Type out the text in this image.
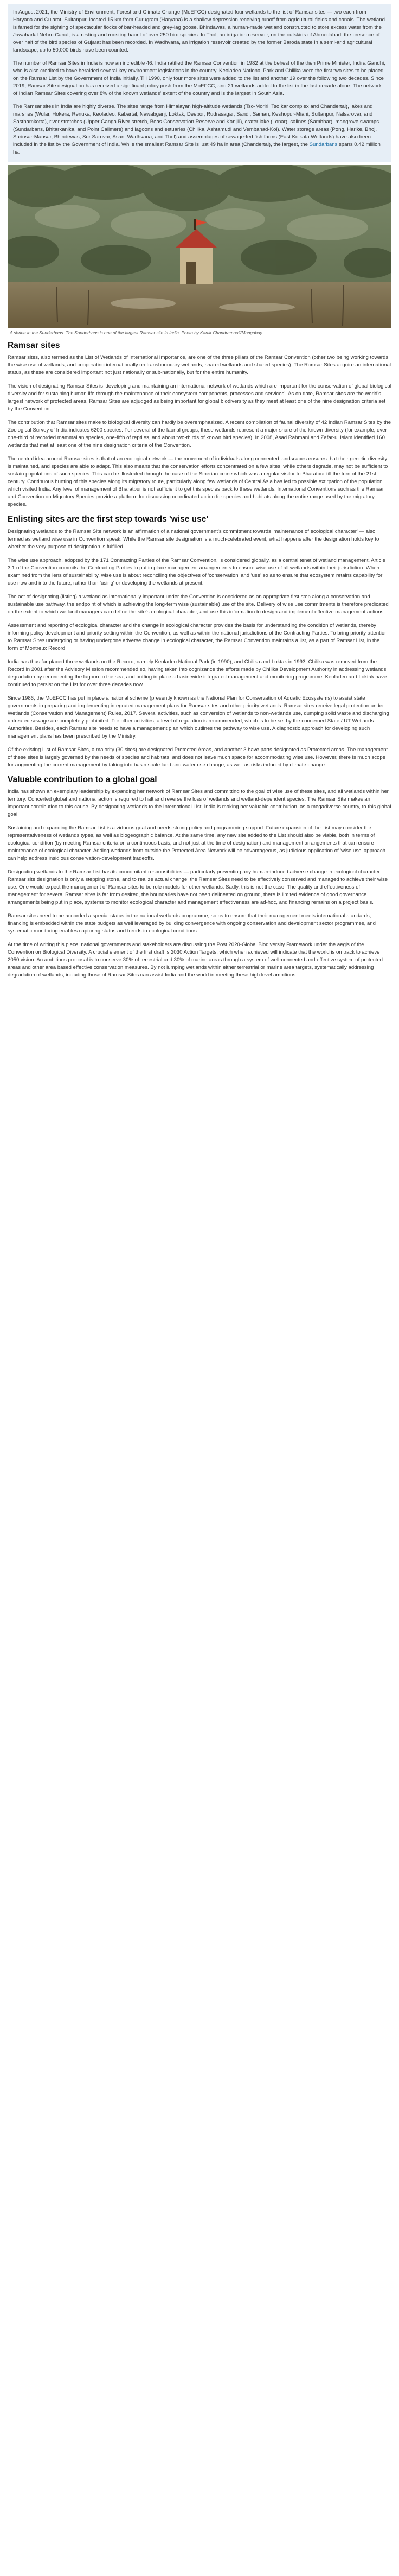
In August 2021, the Ministry of Environment, Forest and Climate Change (MoEFCC) designated four wetlands to the list of Ramsar sites — two each from Haryana and Gujarat. Sultanpur, located 15 km from Gurugram (Haryana) is a shallow depression receiving runoff from agricultural fields and canals. The wetland is famed for the sighting of spectacular flocks of bar-headed and grey-lag goose. Bhindawas, a human-made wetland constructed to store excess water from the Jawaharlal Nehru Canal, is a resting and roosting haunt of over 250 bird species. In Thol, an irrigation reservoir, on the outskirts of Ahmedabad, the presence of over half of the bird species of Gujarat has been recorded. In Wadhvana, an irrigation reservoir created by the former Baroda state in a semi-arid agricultural landscape, up to 50,000 birds have been counted.

The number of Ramsar Sites in India is now an incredible 46. India ratified the Ramsar Convention in 1982 at the behest of the then Prime Minister, Indira Gandhi, who is also credited to have heralded several key environment legislations in the country. Keoladeo National Park and Chilika were the first two sites to be placed on the Ramsar List by the Government of India initially. Till 1990, only four more sites were added to the list and another 19 over the following two decades. Since 2019, Ramsar Site designation has received a significant policy push from the MoEFCC, and 21 wetlands added to the list in the last decade alone. The network of Indian Ramsar Sites covering over 8% of the known wetlands' extent of the country and is the largest in South Asia.

The Ramsar sites in India are highly diverse. The sites range from Himalayan high-altitude wetlands (Tso-Moriri, Tso kar complex and Chandertal), lakes and marshes (Wular, Hokera, Renuka, Keoladeo, Kabartal, Nawabganj, Loktak, Deepor, Rudrasagar, Sandi, Saman, Keshopur-Miani, Sultanpur, Nalsarovar, and Sasthamkotta), river stretches (Upper Ganga River stretch, Beas Conservation Reserve and Kanjili), crater lake (Lonar), salines (Sambhar), mangrove swamps (Sundarbans, Bhitarkanika, and Point Calimere) and lagoons and estuaries (Chilika, Ashtamudi and Vembanad-Kol). Water storage areas (Pong, Harike, Bhoj, Surinsar-Mansar, Bhindewas, Sur Sarovar, Asan, Wadhvana, and Thol) and assemblages of sewage-fed fish farms (East Kolkata Wetlands) have also been included in the list by the Government of India. While the smallest Ramsar Site is just 49 ha in area (Chandertal), the largest, the Sundarbans spans 0.42 million ha.

A shrine in the Sunderbans. The Sunderbans is one of the largest Ramsar site in India. Photo by Kartik Chandramouli/Mongabay.
Ramsar sites

Ramsar sites, also termed as the List of Wetlands of International Importance, are one of the three pillars of the Ramsar Convention (other two being working towards the wise use of wetlands, and cooperating internationally on transboundary wetlands, shared wetlands and shared species). The Ramsar Sites acquire an international status, as these are considered important not just nationally or sub-nationally, but for the entire humanity.

The vision of designating Ramsar Sites is 'developing and maintaining an international network of wetlands which are important for the conservation of global biological diversity and for sustaining human life through the maintenance of their ecosystem components, processes and services'. As on date, Ramsar sites are the world's largest network of protected areas. Ramsar Sites are adjudged as being important for global biodiversity as they meet at least one of the nine designation criteria set by the Convention.

The contribution that Ramsar sites make to biological diversity can hardly be overemphasized. A recent compilation of faunal diversity of 42 Indian Ramsar Sites by the Zoological Survey of India indicates 6200 species. For several of the faunal groups, these wetlands represent a major share of the known diversity (for example, over one-third of recorded mammalian species, one-fifth of reptiles, and about two-thirds of known bird species). In 2008, Asad Rahmani and Zafar-ul Islam identified 160 wetlands that met at least one of the nine designation criteria of the Convention.

The central idea around Ramsar sites is that of an ecological network — the movement of individuals along connected landscapes ensures that their genetic diversity is maintained, and species are able to adapt. This also means that the conservation efforts concentrated on a few sites, while others degrade, may not be sufficient to sustain populations of such species. This can be illustrated through the case of the Siberian crane which was a regular visitor to Bharatpur till the turn of the 21st century. Continuous hunting of this species along its migratory route, particularly along few wetlands of Central Asia has led to possible extirpation of the population which visited India. Any level of management of Bharatpur is not sufficient to get this species back to these wetlands. International Conventions such as the Ramsar and Convention on Migratory Species provide a platform for discussing coordinated action for species and habitats along the entire range used by the migratory species.

Enlisting sites are the first step towards 'wise use'

Designating wetlands to the Ramsar Site network is an affirmation of a national government's commitment towards 'maintenance of ecological character' — also termed as wetland wise use in Convention speak. While the Ramsar site designation is a much-celebrated event, what happens after the designation holds key to whether the very purpose of designation is fulfilled.

The wise use approach, adopted by the 171 Contracting Parties of the Ramsar Convention, is considered globally, as a central tenet of wetland management. Article 3.1 of the Convention commits the Contracting Parties to put in place management arrangements to ensure wise use of all wetlands within their jurisdiction. When examined from the lens of sustainability, wise use is about reconciling the objectives of 'conservation' and 'use' so as to ensure that ecosystem retains capability for use now and into the future, rather than 'using' or developing the wetlands at present.

The act of designating (listing) a wetland as internationally important under the Convention is considered as an appropriate first step along a conservation and sustainable use pathway, the endpoint of which is achieving the long-term wise (sustainable) use of the site. Delivery of wise use commitments is therefore predicated on the extent to which wetland managers can define the site's ecological character, and use this information to design and implement effective management actions.

Assessment and reporting of ecological character and the change in ecological character provides the basis for understanding the condition of wetlands, thereby informing policy development and priority setting within the Convention, as well as within the national jurisdictions of the Contracting Parties. To bring priority attention to Ramsar Sites undergoing or having undergone adverse change in ecological character, the Ramsar Convention maintains a list, as a part of Ramsar List, in the form of Montreux Record.

India has thus far placed three wetlands on the Record, namely Keoladeo National Park (in 1990), and Chilika and Loktak in 1993. Chilika was removed from the Record in 2001 after the Advisory Mission recommended so, having taken into cognizance the efforts made by Chilika Development Authority in addressing wetlands degradation by reconnecting the lagoon to the sea, and putting in place a basin-wide integrated management and monitoring programme. Keoladeo and Loktak have continued to persist on the List for over three decades now.

Since 1986, the MoEFCC has put in place a national scheme (presently known as the National Plan for Conservation of Aquatic Ecosystems) to assist state governments in preparing and implementing integrated management plans for Ramsar sites and other priority wetlands. Ramsar sites receive legal protection under Wetlands (Conservation and Management) Rules, 2017. Several activities, such as conversion of wetlands to non-wetlands use, dumping solid waste and discharging untreated sewage are completely prohibited. For other activities, a level of regulation is recommended, which is to be set by the concerned State / UT Wetlands Authorities. Besides, each Ramsar site needs to have a management plan which outlines the pathway to wise use. A diagnostic approach for developing such management plans has been prescribed by the Ministry.

Of the existing List of Ramsar Sites, a majority (30 sites) are designated Protected Areas, and another 3 have parts designated as Protected areas. The management of these sites is largely governed by the needs of species and habitats, and does not leave much space for accommodating wise use. However, there is much scope for augmenting the current management by taking into basin scale land and water use change, as well as risks induced by climate change.

Valuable contribution to a global goal

India has shown an exemplary leadership by expanding her network of Ramsar Sites and committing to the goal of wise use of these sites, and all wetlands within her territory. Concerted global and national action is required to halt and reverse the loss of wetlands and wetland-dependent species. The Ramsar Site makes an important contribution to this cause. By designating wetlands to the International List, India is making her valuable contribution, as a megadiverse country, to this global goal.

Sustaining and expanding the Ramsar List is a virtuous goal and needs strong policy and programming support. Future expansion of the List may consider the representativeness of wetlands types, as well as biogeographic balance. At the same time, any new site added to the List should also be viable, both in terms of ecological condition (by meeting Ramsar criteria on a continuous basis, and not just at the time of designation) and management arrangements that can ensure maintenance of ecological character. Adding wetlands from outside the Protected Area Network will be advantageous, as judicious application of 'wise use' approach can help address insidious conservation-development tradeoffs.

Designating wetlands to the Ramsar List has its concomitant responsibilities — particularly preventing any human-induced adverse change in ecological character. Ramsar site designation is only a stepping stone, and to realize actual change, the Ramsar Sites need to be effectively conserved and managed to achieve their wise use. One would expect the management of Ramsar sites to be role models for other wetlands. Sadly, this is not the case. The quality and effectiveness of management for several Ramsar sites is far from desired, the boundaries have not been delineated on ground, there is limited evidence of good governance arrangements being put in place, systems to monitor ecological character and management effectiveness are ad-hoc, and financing remains on a project basis.

Ramsar sites need to be accorded a special status in the national wetlands programme, so as to ensure that their management meets international standards, financing is embedded within the state budgets as well leveraged by building convergence with ongoing conservation and development sector programmes, and systematic monitoring enables capturing status and trends in ecological conditions.

At the time of writing this piece, national governments and stakeholders are discussing the Post 2020-Global Biodiversity Framework under the aegis of the Convention on Biological Diversity. A crucial element of the first draft is 2030 Action Targets, which when achieved will indicate that the world is on track to achieve 2050 vision. An ambitious proposal is to conserve 30% of terrestrial and 30% of marine areas through a system of well-connected and effective system of protected areas and other area based effective conservation measures. By not lumping wetlands within either terrestrial or marine area targets, systematically addressing degradation of wetlands, including those of Ramsar Sites can assist India and the world in meeting these high level ambitions.
